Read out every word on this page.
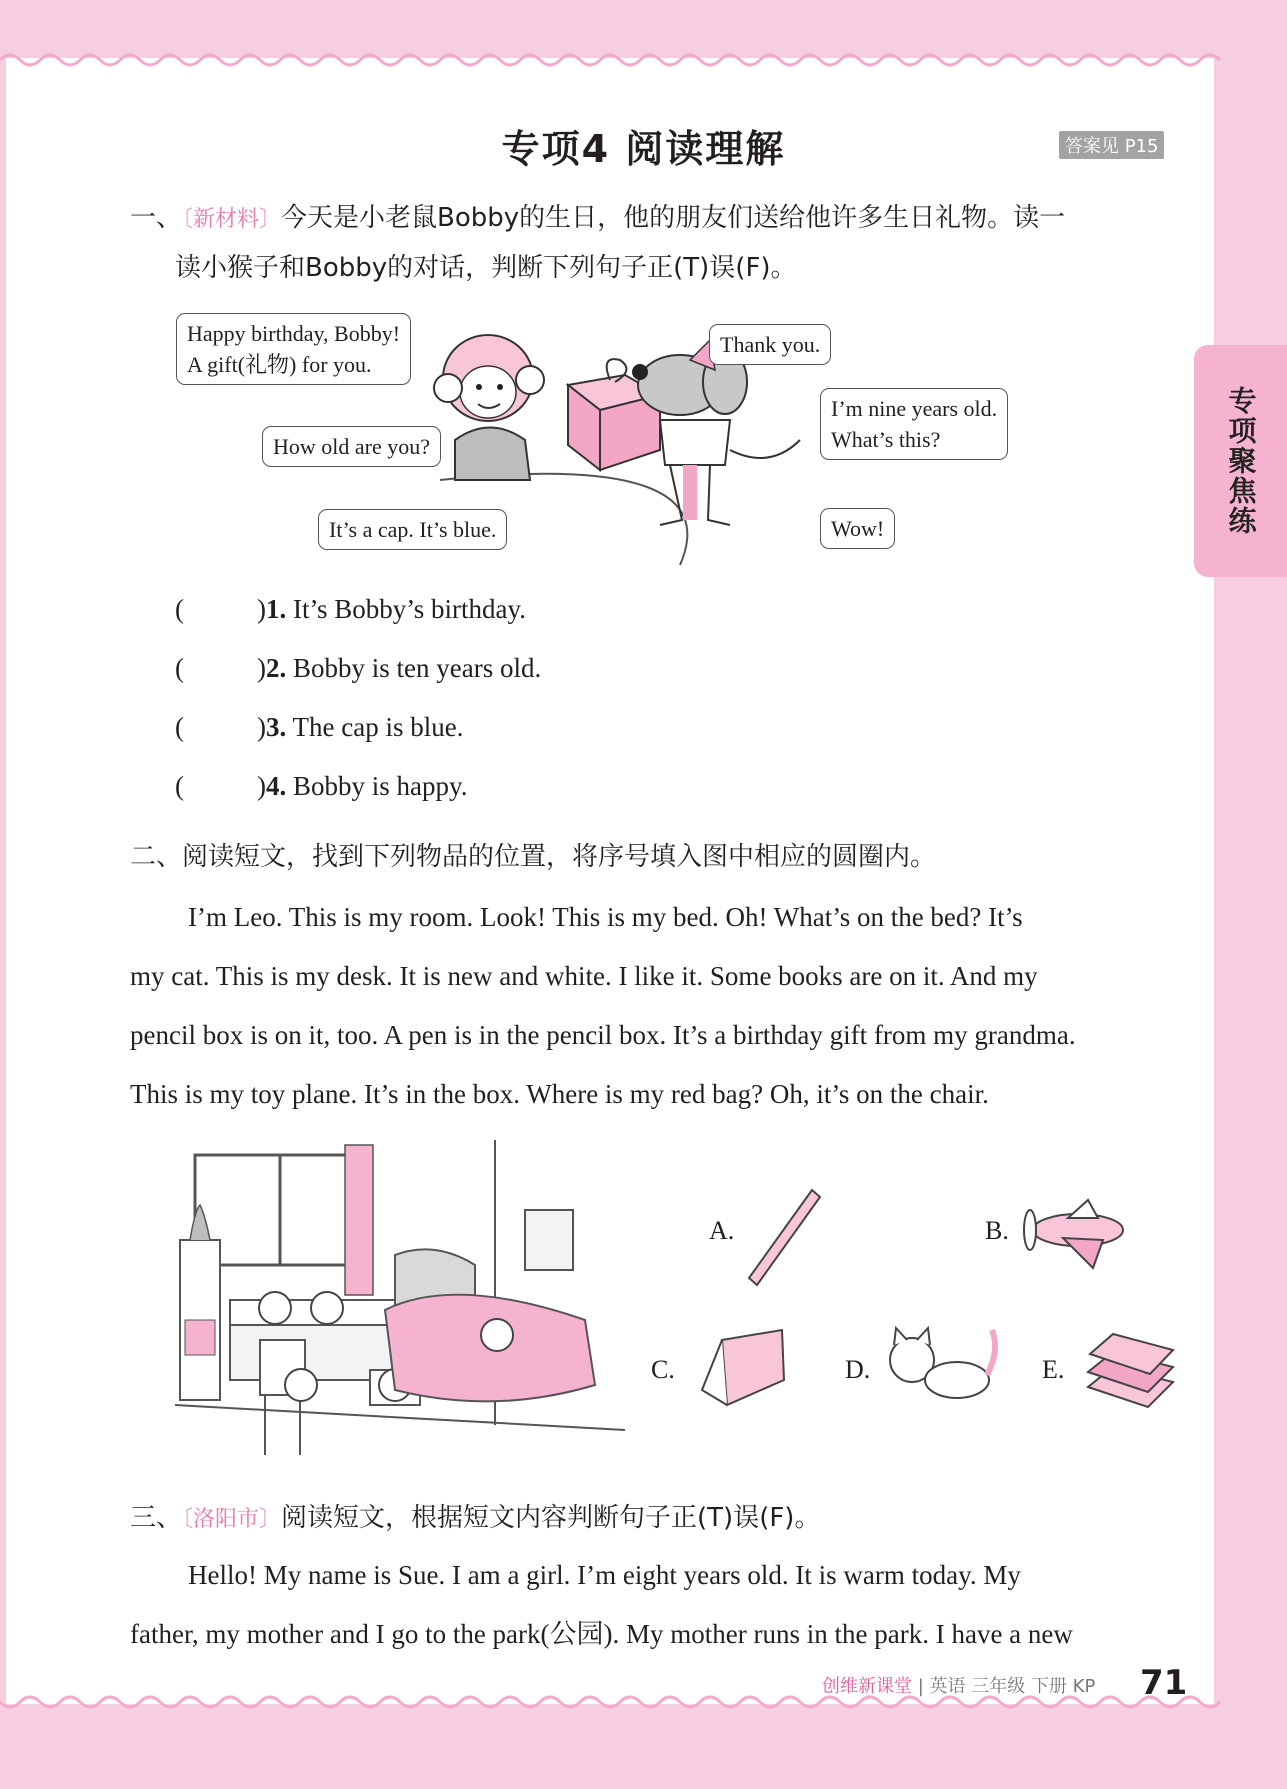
专项聚焦练
专项4 阅读理解	答案见 P15
一、〔新材料〕今天是小老鼠Bobby的生日，他的朋友们送给他许多生日礼物。读一
读小猴子和Bobby的对话，判断下列句子正(T)误(F)。
Happy birthday, Bobby!
A gift(礼物) for you.
How old are you?
It’s a cap. It’s blue.
Thank you.
I’m nine years old.
What’s this?
Wow!
(	)1. It’s Bobby’s birthday.
(	)2. Bobby is ten years old.
(	)3. The cap is blue.
(	)4. Bobby is happy.
二、阅读短文，找到下列物品的位置，将序号填入图中相应的圆圈内。
I’m Leo. This is my room. Look! This is my bed. Oh! What’s on the bed? It’s
my cat. This is my desk. It is new and white. I like it. Some books are on it. And my
pencil box is on it, too. A pen is in the pencil box. It’s a birthday gift from my grandma.
This is my toy plane. It’s in the box. Where is my red bag? Oh, it’s on the chair.
A.	B.
C.	D.	E.
三、〔洛阳市〕阅读短文，根据短文内容判断句子正(T)误(F)。
Hello! My name is Sue. I am a girl. I’m eight years old. It is warm today. My
father, my mother and I go to the park(公园). My mother runs in the park. I have a new
创维新课堂 | 英语 三年级 下册 KP 71
